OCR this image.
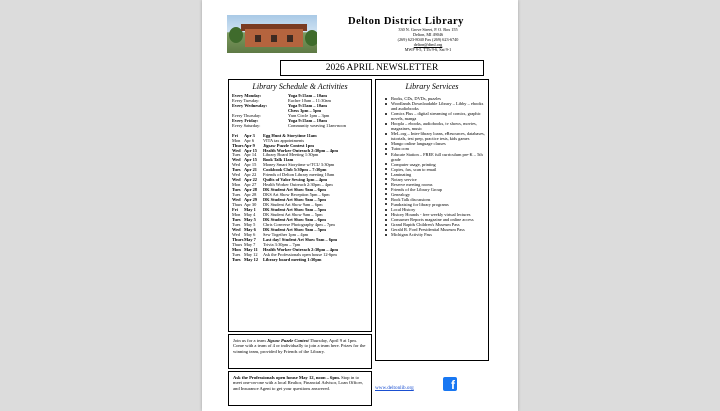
Delton District Library
330 N. Grove Street, P. O. Box 155
Delton, MI 49046
(269) 623-8040 Fax (269) 623-6740
delton@dtml.org
MWF 9-5, TTh 9-6, Sat 9-1
2026 APRIL NEWSLETTER
Library Schedule & Activities
Every Monday:	Yoga 9:15am – 10am
Every Tuesday:	Euchre 10am – 11:30am
Every Wednesday:	Yoga 9:15am – 10am
Chess 3pm – 5pm
Every Thursday:	Yarn Circle 1pm – 3pm
Every Friday:	Yoga 9:15am – 10am
Every Saturday:	Community weaving 11am-noon
Fri	Apr 3	Egg Hunt & Storytime 11am
Mon Apr 6	VITA tax appointments
Thurs Apr 9	Jigsaw Puzzle Contest 1pm
Wed Apr 15	Health Worker Outreach 2:30pm – 4pm
Tues Apr 14	Library Board Meeting 1:30pm
Wed Apr 15	Book Talk 11am
Wed Apr 15	Money Smart Storytime w/TCU 3:30pm
Tues Apr 21	Cookbook Club 5:30pm – 7:30pm
Wed Apr 22	Friends of Delton Library meeting 10am
Wed Apr 22	Quilts of Valor Sewing 1pm – 4pm
Mon Apr 27	Health Worker Outreach 2:30pm – 4pm
Tues Apr 28	DK Student Art Show 9am – 6pm
Tues Apr 28	DKS Art Show Reception 5pm – 6pm
Wed Apr 29	DK Student Art Show 9am – 5pm
Thurs Apr 30	DK Student Art Show 9am – 6pm
Fri	May 1	DK Student Art Show 9am – 5pm
Mon May 4	DK Student Art Show 9am – 5pm
Tues May 5	DK Student Art Show 9am – 6pm
Tues May 5	Chris Converse Photography 4pm – 7pm
Wed May 6	DK Student Art Show 9am – 5pm
Wed May 6	Sew Together 1pm – 4pm
Thurs May 7	Last day! Student Art Show 9am – 6pm
Thurs May 7	Trivia 3:30pm – 7pm
Mon May 11	Health Worker Outreach 2:30pm – 4pm
Tues May 12	Ask the Professionals open house 12-6pm
Tues May 12	Library board meeting 1:30pm
Library Services
Books, CDs, DVDs, puzzles
Woodlands Downloadable Library – Libby – ebooks and audiobooks
Comics Plus – digital streaming of comics, graphic novels, manga
Hoopla – ebooks, audiobooks, tv shows, movies, magazines, music
MeL.org – Inter-library loans, eResources, databases, tutorials, test prep, practice tests, kids games
Mango online language classes
Tutor.com
Educate Station – FREE full curriculum pre-K – 5th grade
Computer usage, printing
Copies, fax, scan to email
Laminating
Notary service
Reserve meeting rooms
Friends of the Library Group
Genealogy
Book Talk discussions
Fundraising for library programs
Local History
History Hounds - free weekly virtual lectures
Consumer Reports magazine and online access
Grand Rapids Children's Museum Pass
Gerald R. Ford Presidential Museum Pass
Michigan Activity Pass
Join us for a team Jigsaw Puzzle Contest Thursday, April 9 at 1pm. Come with a team of 4 or individually to join a team here. Prizes for the winning team, provided by Friends of the Library.
Ask the Professionals open house May 12, noon – 6pm. Stop in to meet one-on-one with a local Realtor, Financial Advisor, Loan Officer, and Insurance Agent to get your questions answered.	www.deltonlib.org	f
